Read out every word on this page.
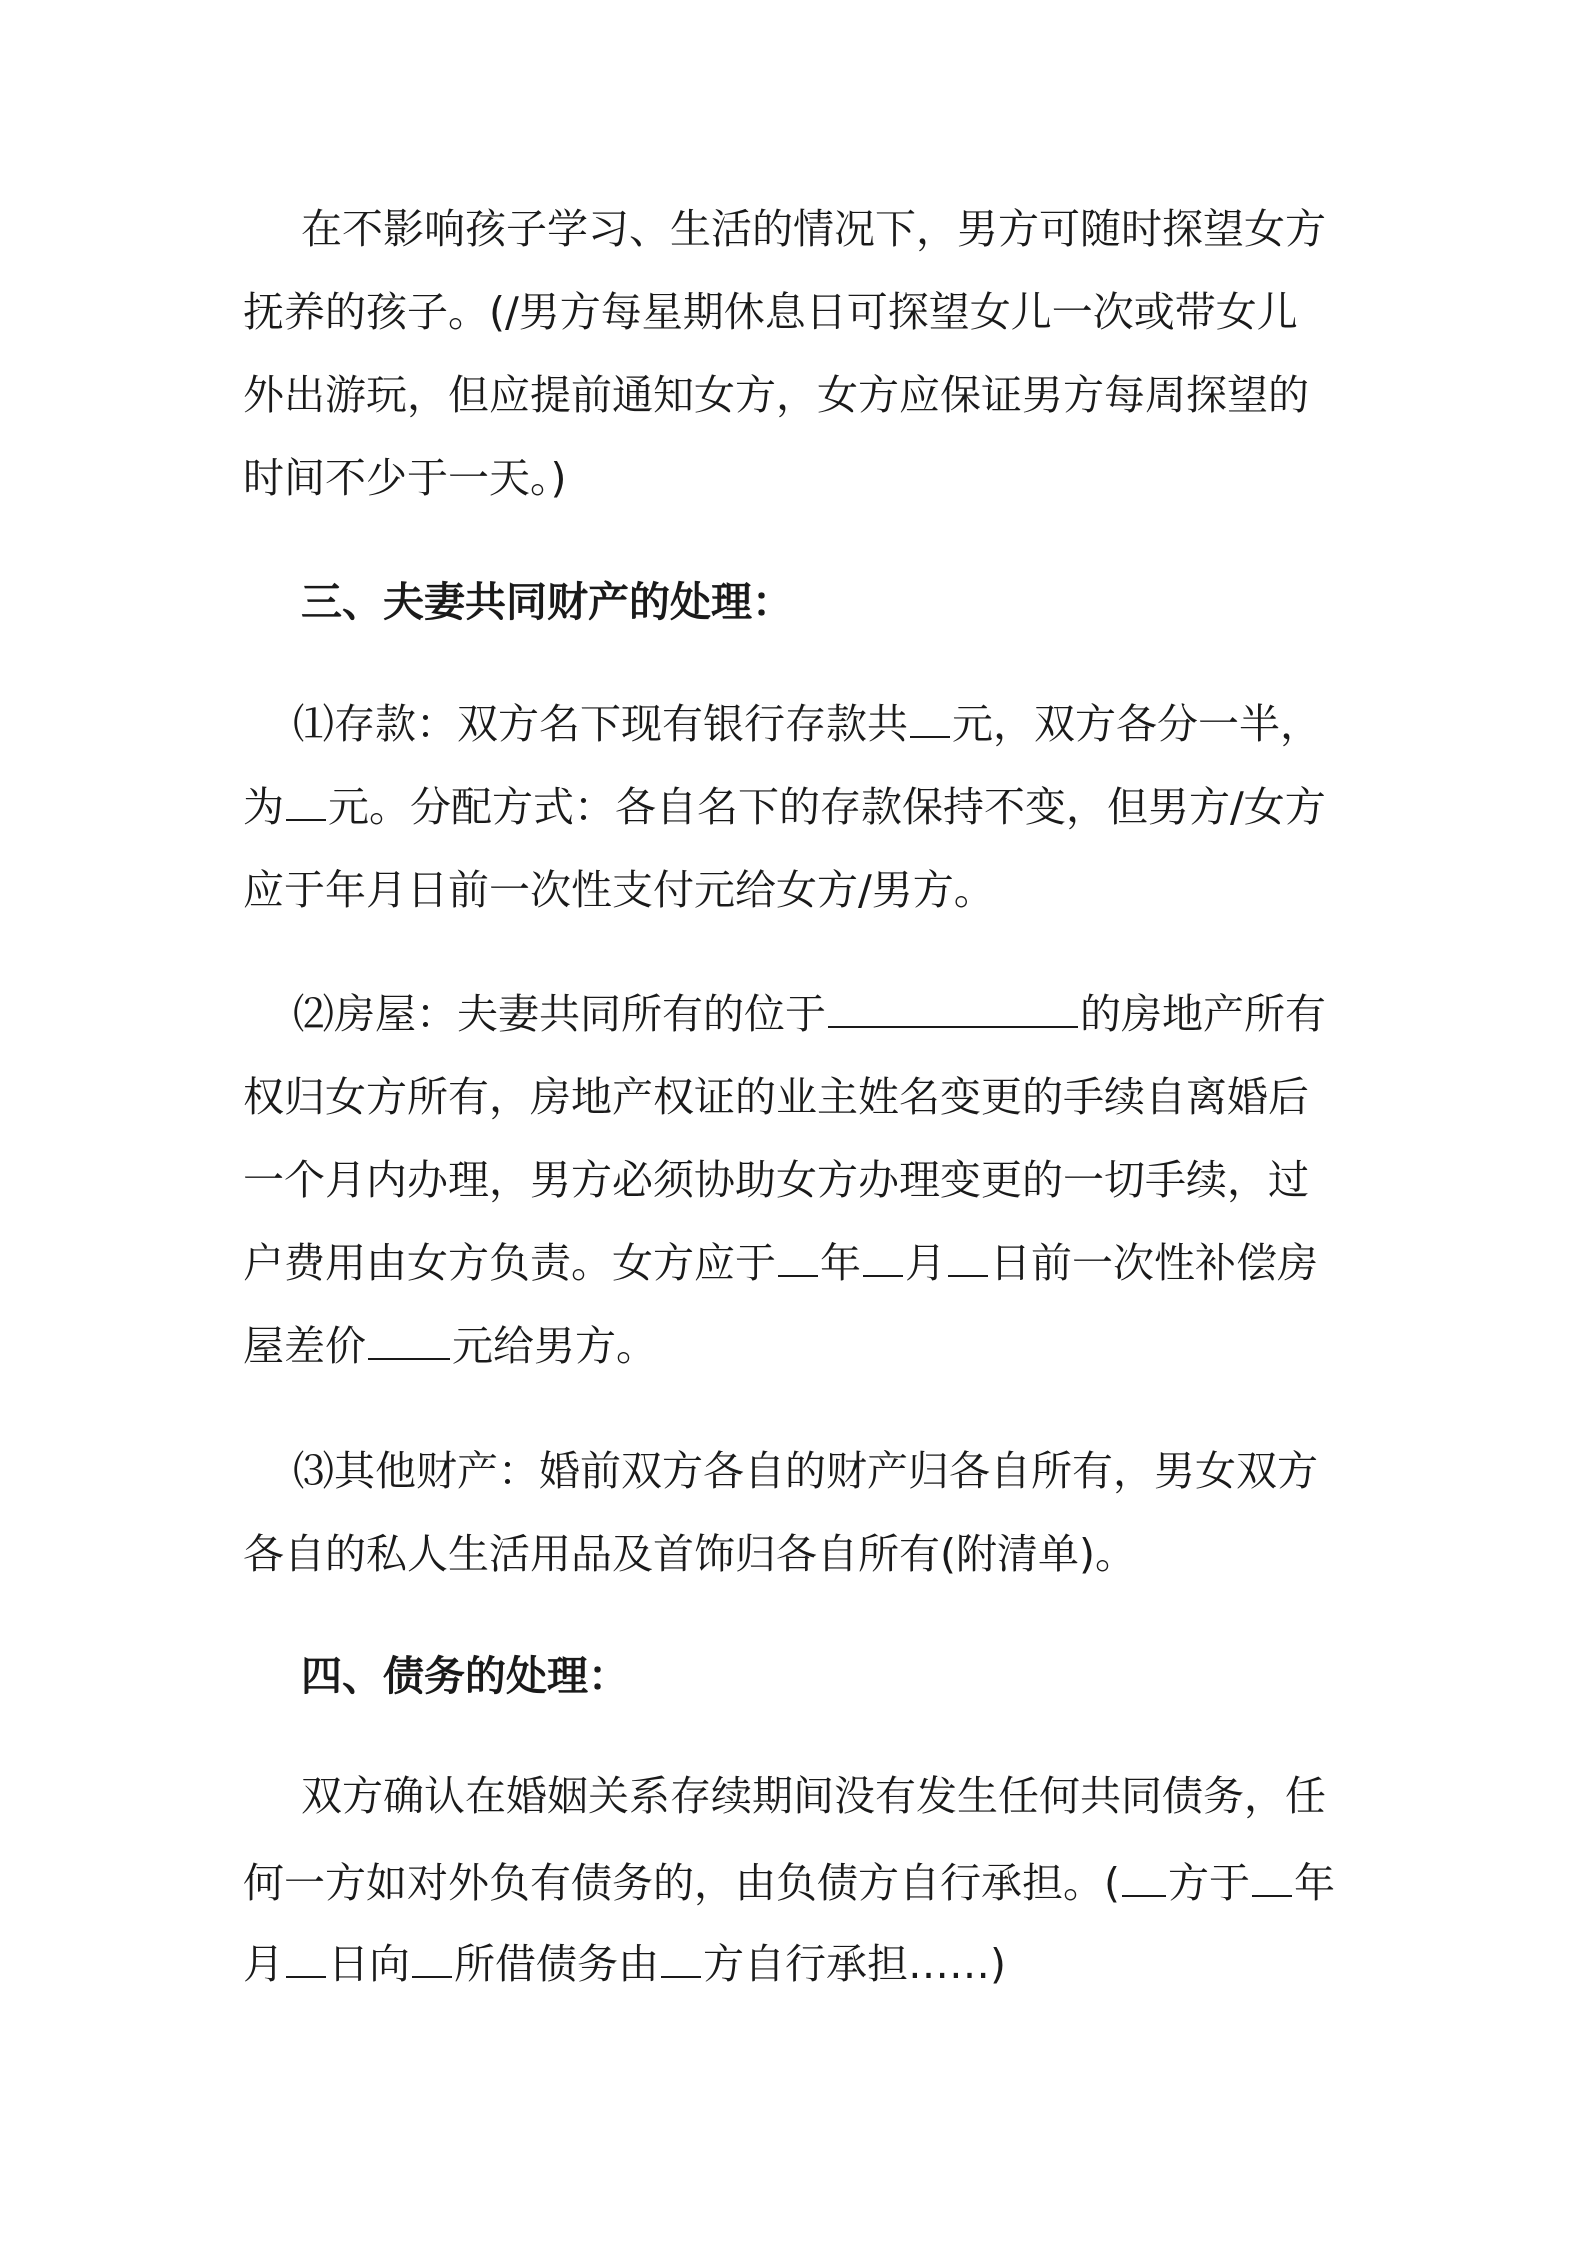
在不影响孩子学习、生活的情况下，男方可随时探望女方
抚养的孩子。(/男方每星期休息日可探望女儿一次或带女儿
外出游玩，但应提前通知女方，女方应保证男方每周探望的
时间不少于一天。)
三、夫妻共同财产的处理：
⑴存款：双方名下现有银行存款共 元，双方各分一半，
为 元。分配方式：各自名下的存款保持不变，但男方/女方
应于年月日前一次性支付元给女方/男方。
⑵房屋：夫妻共同所有的位于	的房地产所有
权归女方所有，房地产权证的业主姓名变更的手续自离婚后
一个月内办理，男方必须协助女方办理变更的一切手续，过
户费用由女方负责。女方应于 年 月 日前一次性补偿房
屋差价 元给男方。
⑶其他财产：婚前双方各自的财产归各自所有，男女双方
各自的私人生活用品及首饰归各自所有(附清单)。
四、债务的处理：
双方确认在婚姻关系存续期间没有发生任何共同债务，任
何一方如对外负有债务的，由负债方自行承担。( 方于 年
月 日向 所借债务由 方自行承担……)
